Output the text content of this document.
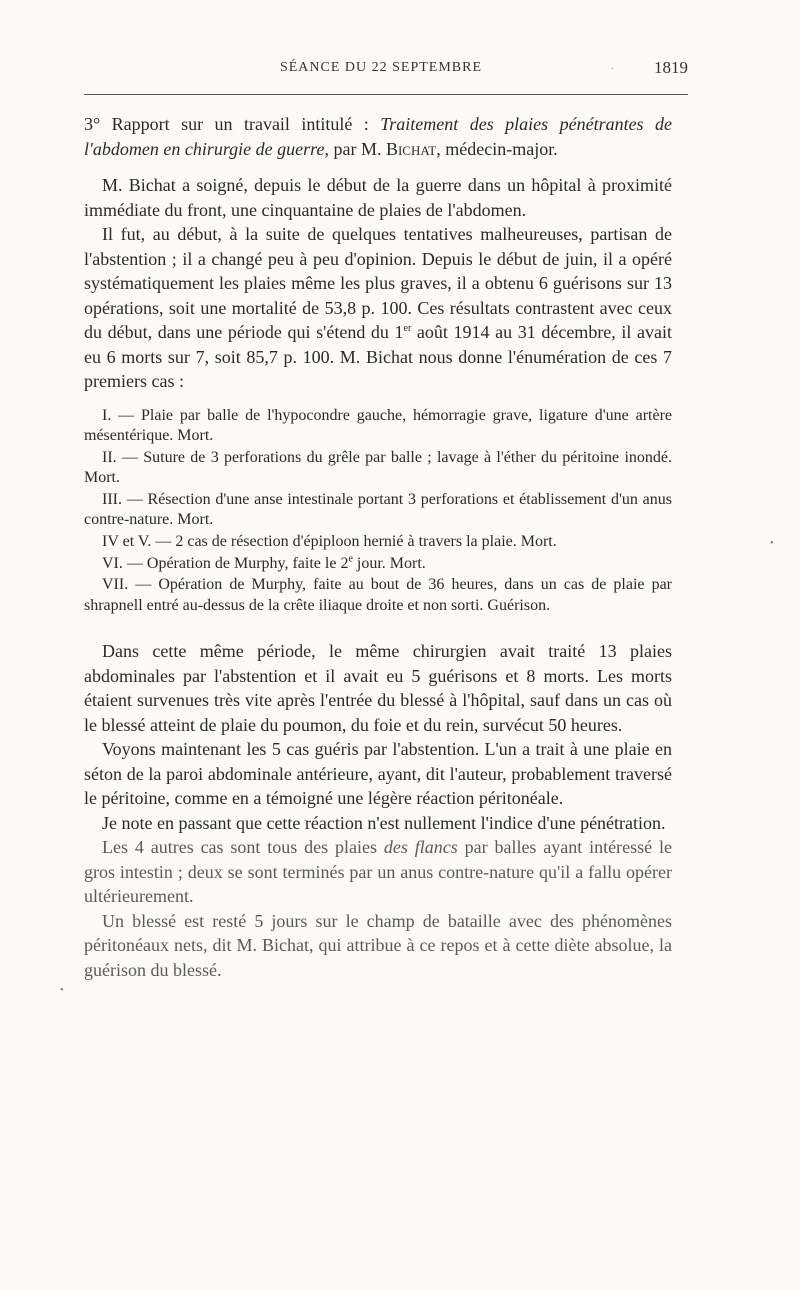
SÉANCE DU 22 SEPTEMBRE	· 1819

3° Rapport sur un travail intitulé : Traitement des plaies pénétrantes de l'abdomen en chirurgie de guerre, par M. Bichat, médecin-major.

M. Bichat a soigné, depuis le début de la guerre dans un hôpital à proximité immédiate du front, une cinquantaine de plaies de l'abdomen.

Il fut, au début, à la suite de quelques tentatives malheureuses, partisan de l'abstention ; il a changé peu à peu d'opinion. Depuis le début de juin, il a opéré systématiquement les plaies même les plus graves, il a obtenu 6 guérisons sur 13 opérations, soit une mortalité de 53,8 p. 100. Ces résultats contrastent avec ceux du début, dans une période qui s'étend du 1er août 1914 au 31 décembre, il avait eu 6 morts sur 7, soit 85,7 p. 100. M. Bichat nous donne l'énumération de ces 7 premiers cas :

I. — Plaie par balle de l'hypocondre gauche, hémorragie grave, ligature d'une artère mésentérique. Mort.

II. — Suture de 3 perforations du grêle par balle ; lavage à l'éther du péritoine inondé. Mort.

III. — Résection d'une anse intestinale portant 3 perforations et établissement d'un anus contre-nature. Mort.

IV et V. — 2 cas de résection d'épiploon hernié à travers la plaie. Mort.

VI. — Opération de Murphy, faite le 2e jour. Mort.

VII. — Opération de Murphy, faite au bout de 36 heures, dans un cas de plaie par shrapnell entré au-dessus de la crête iliaque droite et non sorti. Guérison.

Dans cette même période, le même chirurgien avait traité 13 plaies abdominales par l'abstention et il avait eu 5 guérisons et 8 morts. Les morts étaient survenues très vite après l'entrée du blessé à l'hôpital, sauf dans un cas où le blessé atteint de plaie du poumon, du foie et du rein, survécut 50 heures.

Voyons maintenant les 5 cas guéris par l'abstention. L'un a trait à une plaie en séton de la paroi abdominale antérieure, ayant, dit l'auteur, probablement traversé le péritoine, comme en a témoigné une légère réaction péritonéale.

Je note en passant que cette réaction n'est nullement l'indice d'une pénétration.

Les 4 autres cas sont tous des plaies des flancs par balles ayant intéressé le gros intestin ; deux se sont terminés par un anus contre-nature qu'il a fallu opérer ultérieurement.

Un blessé est resté 5 jours sur le champ de bataille avec des phénomènes péritonéaux nets, dit M. Bichat, qui attribue à ce repos et à cette diète absolue, la guérison du blessé.

•
•
